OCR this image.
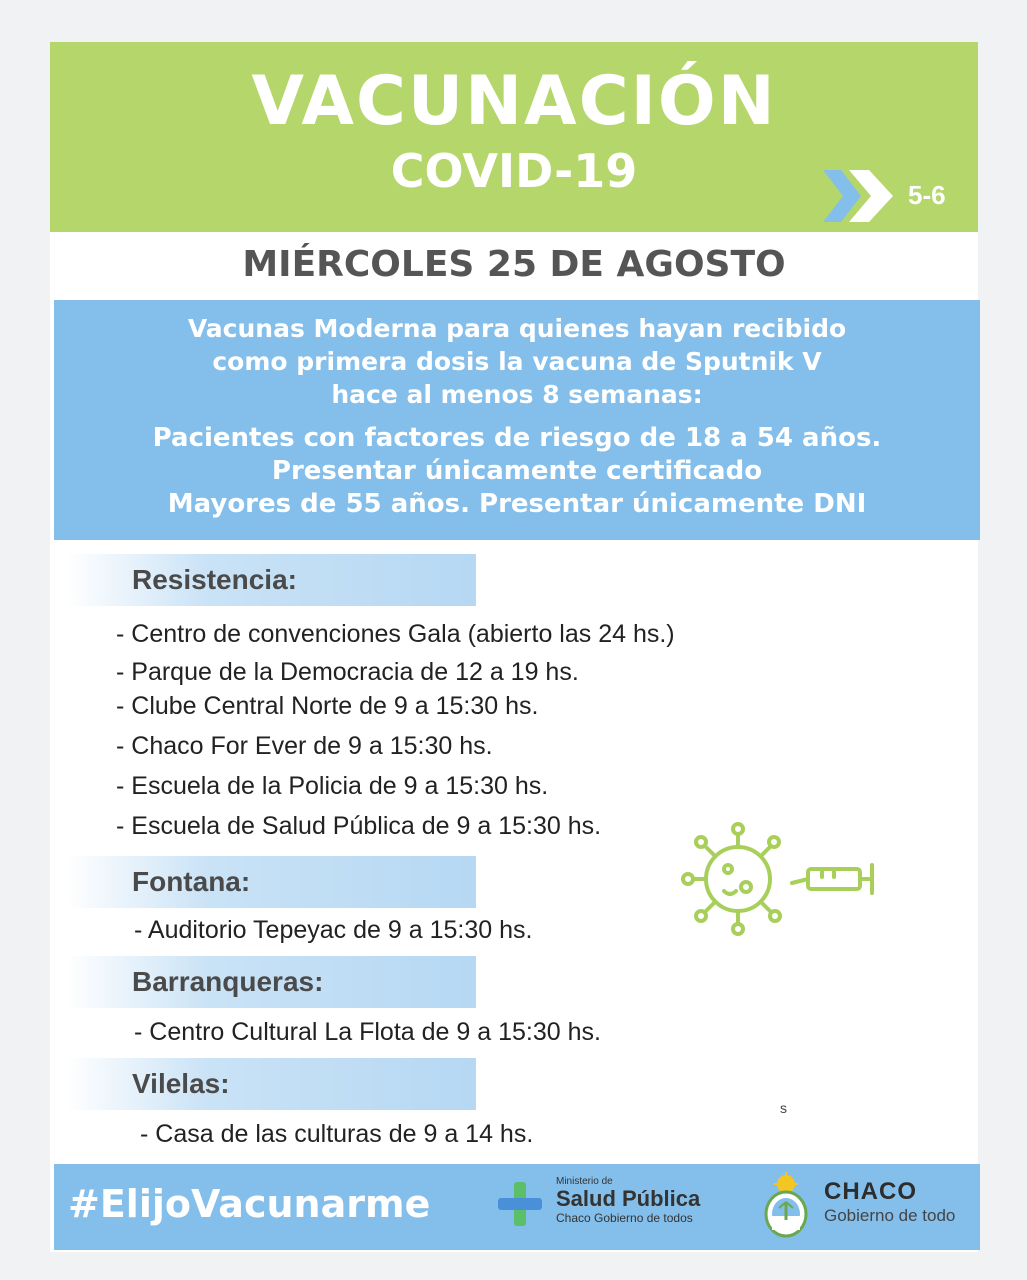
VACUNACIÓN
COVID-19	5-6
MIÉRCOLES 25 DE AGOSTO
Vacunas Moderna para quienes hayan recibido
como primera dosis la vacuna de Sputnik V
hace al menos 8 semanas:
Pacientes con factores de riesgo de 18 a 54 años.
Presentar únicamente certificado
Mayores de 55 años. Presentar únicamente DNI
Resistencia:
- Centro de convenciones Gala (abierto las 24 hs.)
- Parque de la Democracia de 12 a 19 hs.
- Clube Central Norte de 9 a 15:30 hs.
- Chaco For Ever de 9 a 15:30 hs.
- Escuela de la Policia de 9 a 15:30 hs.
- Escuela de Salud Pública de 9 a 15:30 hs.
Fontana:
- Auditorio Tepeyac de 9 a 15:30 hs.
Barranqueras:
- Centro Cultural La Flota de 9 a 15:30 hs.
Vilelas:
- Casa de las culturas de 9 a 14 hs.
s
#ElijoVacunarme
Ministerio de
Salud Pública
Chaco Gobierno de todos
CHACO
Gobierno de todo
